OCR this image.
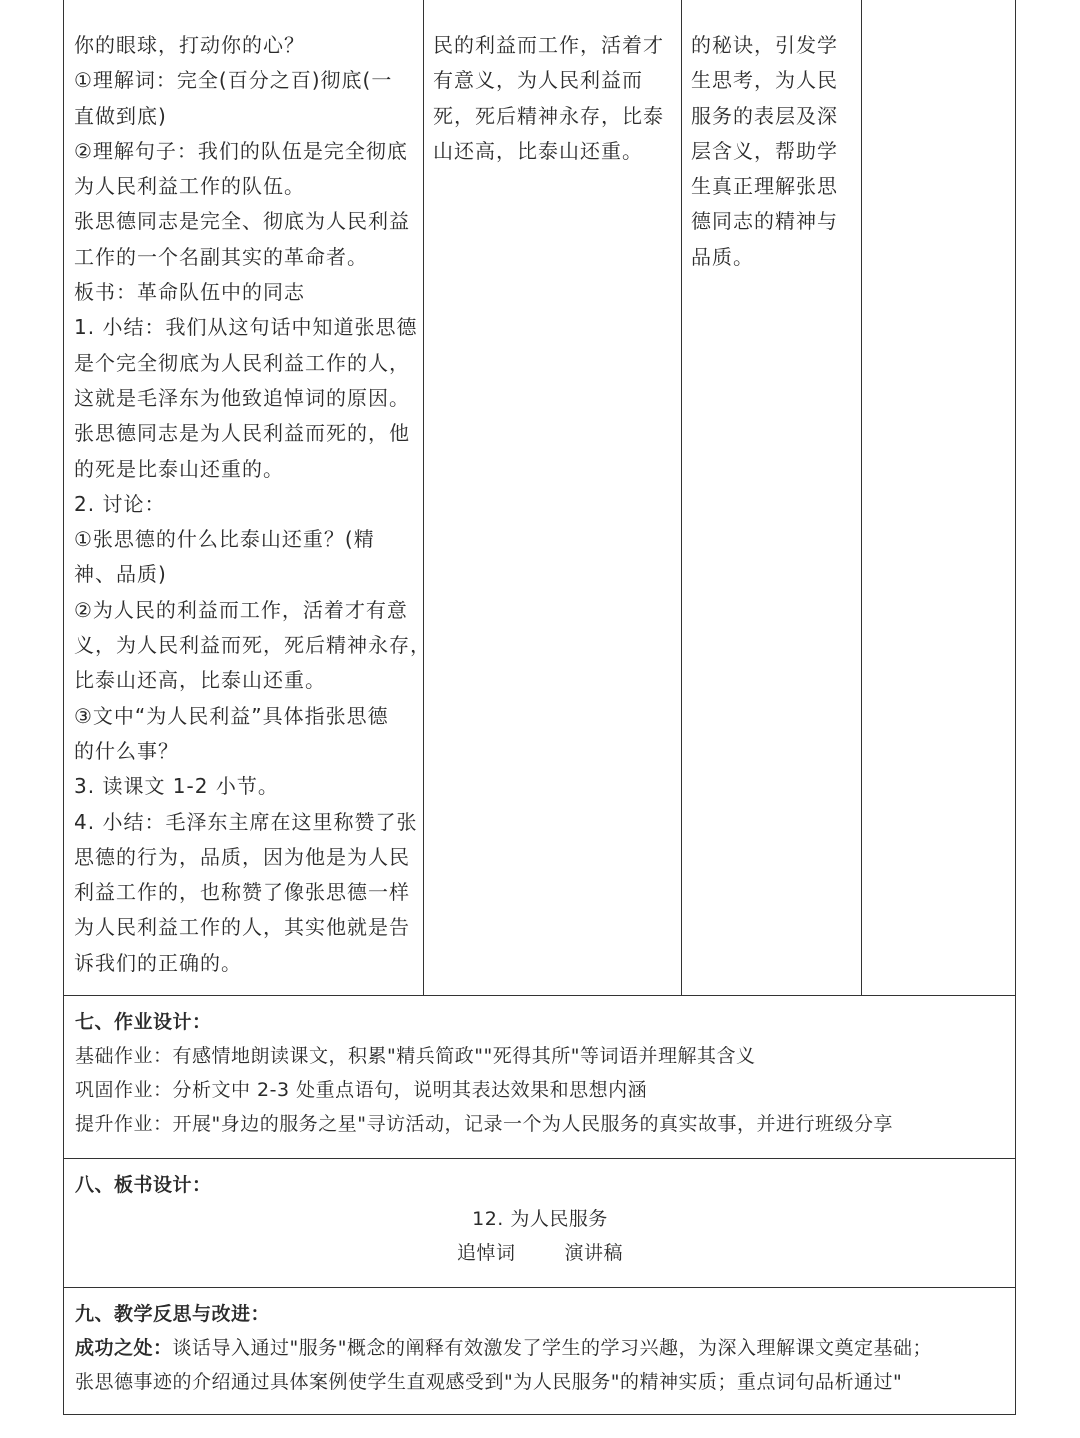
你的眼球，打动你的心？
①理解词：完全(百分之百)彻底(一
直做到底)
②理解句子：我们的队伍是完全彻底
为人民利益工作的队伍。
张思德同志是完全、彻底为人民利益
工作的一个名副其实的革命者。
板书：革命队伍中的同志
1. 小结：我们从这句话中知道张思德
是个完全彻底为人民利益工作的人，
这就是毛泽东为他致追悼词的原因。
张思德同志是为人民利益而死的，他
的死是比泰山还重的。
2. 讨论：
①张思德的什么比泰山还重？(精
神、品质)
②为人民的利益而工作，活着才有意
义，为人民利益而死，死后精神永存，
比泰山还高，比泰山还重。
③文中“为人民利益”具体指张思德
的什么事？
3. 读课文 1-2 小节。
4. 小结：毛泽东主席在这里称赞了张
思德的行为，品质，因为他是为人民
利益工作的，也称赞了像张思德一样
为人民利益工作的人，其实他就是告
诉我们的正确的。
民的利益而工作，活着才
有意义，为人民利益而
死，死后精神永存，比泰
山还高，比泰山还重。
的秘诀，引发学
生思考，为人民
服务的表层及深
层含义，帮助学
生真正理解张思
德同志的精神与
品质。
七、作业设计：
基础作业：有感情地朗读课文，积累"精兵简政""死得其所"等词语并理解其含义
巩固作业：分析文中 2-3 处重点语句，说明其表达效果和思想内涵
提升作业：开展"身边的服务之星"寻访活动，记录一个为人民服务的真实故事，并进行班级分享
八、板书设计：
12. 为人民服务
追悼词	演讲稿
九、教学反思与改进：
成功之处：谈话导入通过"服务"概念的阐释有效激发了学生的学习兴趣，为深入理解课文奠定基础；
张思德事迹的介绍通过具体案例使学生直观感受到"为人民服务"的精神实质；重点词句品析通过"
